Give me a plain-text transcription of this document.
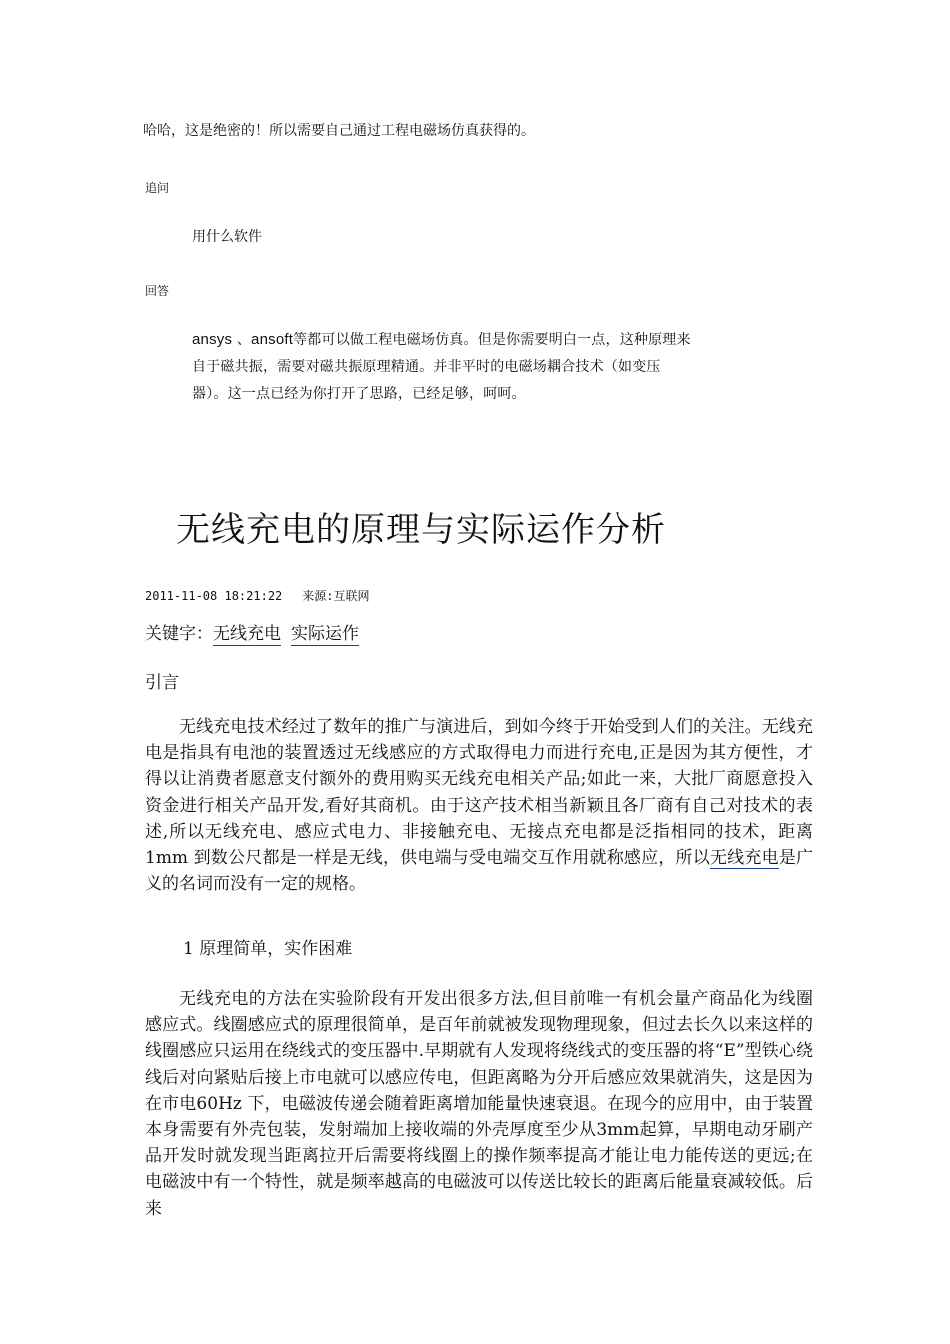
哈哈，这是绝密的！所以需要自己通过工程电磁场仿真获得的。

追问

用什么软件

回答

ansys 、ansoft等都可以做工程电磁场仿真。但是你需要明白一点，这种原理来自于磁共振，需要对磁共振原理精通。并非平时的电磁场耦合技术（如变压器）。这一点已经为你打开了思路，已经足够，呵呵。

无线充电的原理与实际运作分析

2011-11-08 18:21:22 来源:互联网

关键字：无线充电 实际运作

引言

无线充电技术经过了数年的推广与演进后，到如今终于开始受到人们的关注。无线充电是指具有电池的装置透过无线感应的方式取得电力而进行充电,正是因为其方便性，才得以让消费者愿意支付额外的费用购买无线充电相关产品;如此一来，大批厂商愿意投入资金进行相关产品开发,看好其商机。由于这产技术相当新颖且各厂商有自己对技术的表述,所以无线充电、感应式电力、非接触充电、无接点充电都是泛指相同的技术，距离1mm 到数公尺都是一样是无线，供电端与受电端交互作用就称感应，所以无线充电是广义的名词而没有一定的规格。

1 原理简单，实作困难

无线充电的方法在实验阶段有开发出很多方法,但目前唯一有机会量产商品化为线圈感应式。线圈感应式的原理很简单，是百年前就被发现物理现象，但过去长久以来这样的线圈感应只运用在绕线式的变压器中.早期就有人发现将绕线式的变压器的将“E”型铁心绕线后对向紧贴后接上市电就可以感应传电，但距离略为分开后感应效果就消失，这是因为在市电60Hz 下，电磁波传递会随着距离增加能量快速衰退。在现今的应用中，由于装置本身需要有外壳包装，发射端加上接收端的外壳厚度至少从3mm起算，早期电动牙刷产品开发时就发现当距离拉开后需要将线圈上的操作频率提高才能让电力能传送的更远;在电磁波中有一个特性，就是频率越高的电磁波可以传送比较长的距离后能量衰减较低。后来
